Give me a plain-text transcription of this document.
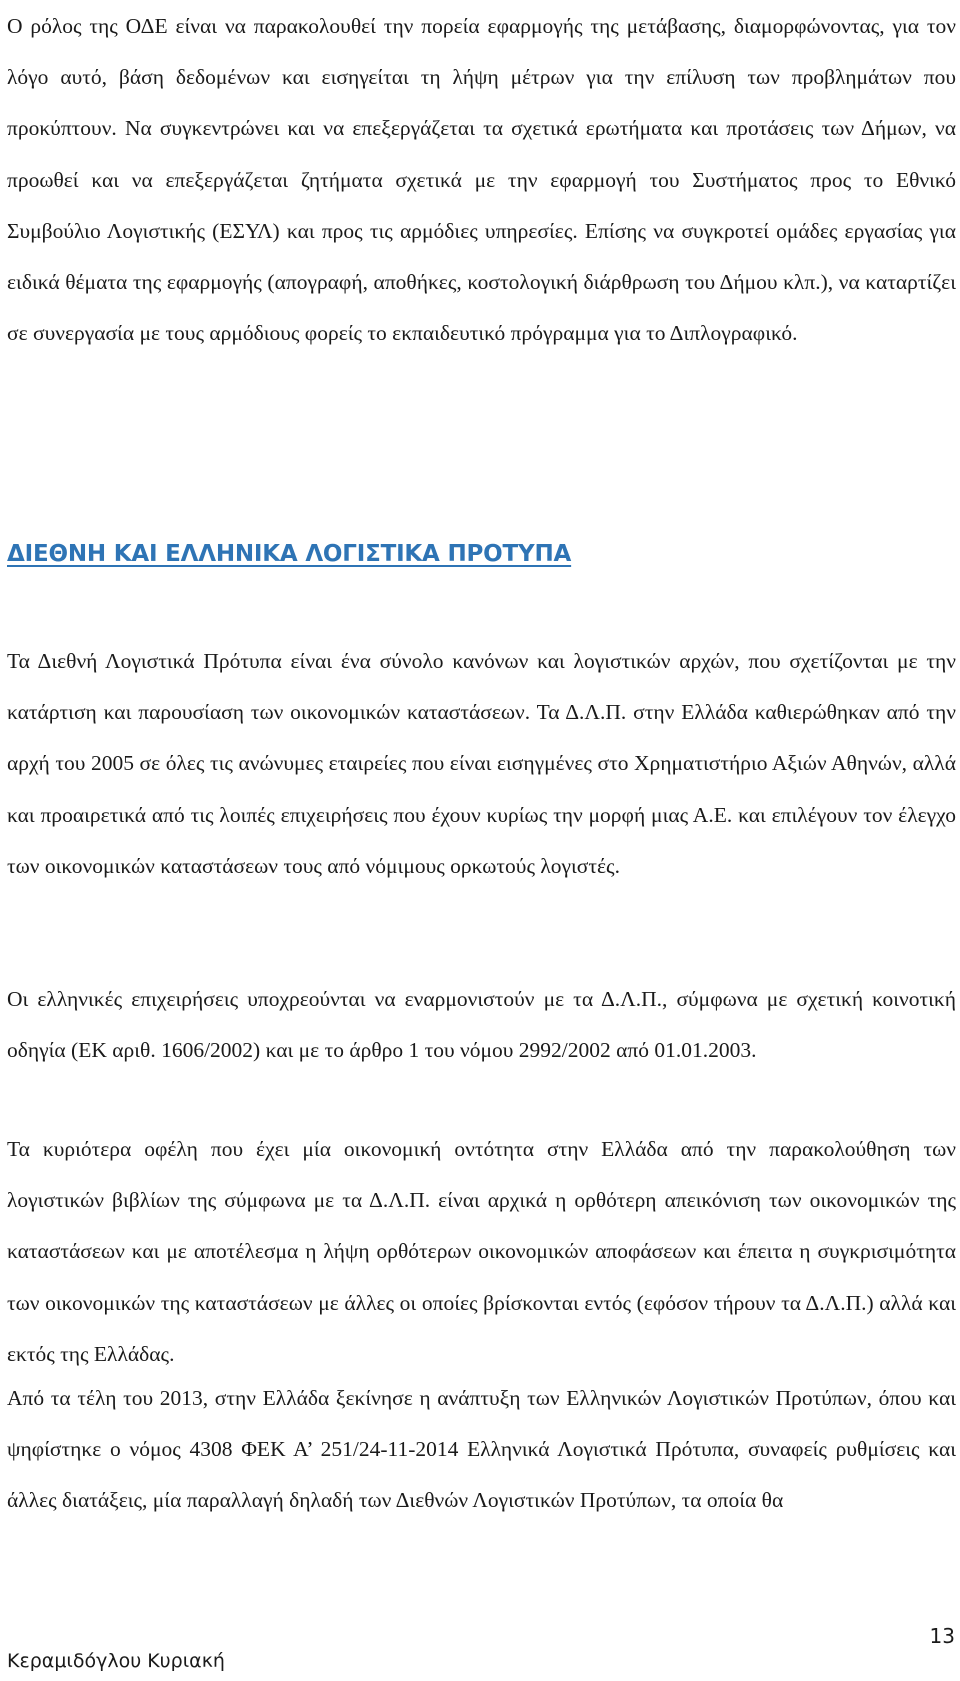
Ο ρόλος της ΟΔΕ είναι να παρακολουθεί την πορεία εφαρμογής της μετάβασης, διαμορφώνοντας, για τον λόγο αυτό, βάση δεδομένων και εισηγείται τη λήψη μέτρων για την επίλυση των προβλημάτων που προκύπτουν. Να συγκεντρώνει και να επεξεργάζεται τα σχετικά ερωτήματα και προτάσεις των Δήμων, να προωθεί και να επεξεργάζεται ζητήματα σχετικά με την εφαρμογή του Συστήματος προς το Εθνικό Συμβούλιο Λογιστικής (ΕΣΥΛ) και προς τις αρμόδιες υπηρεσίες. Επίσης να συγκροτεί ομάδες εργασίας για ειδικά θέματα της εφαρμογής (απογραφή, αποθήκες, κοστολογική διάρθρωση του Δήμου κλπ.), να καταρτίζει σε συνεργασία με τους αρμόδιους φορείς το εκπαιδευτικό πρόγραμμα για το Διπλογραφικό.

ΔΙΕΘΝΗ ΚΑΙ ΕΛΛΗΝΙΚΑ ΛΟΓΙΣΤΙΚΑ ΠΡΟΤΥΠΑ

Τα Διεθνή Λογιστικά Πρότυπα είναι ένα σύνολο κανόνων και λογιστικών αρχών, που σχετίζονται με την κατάρτιση και παρουσίαση των οικονομικών καταστάσεων. Τα Δ.Λ.Π. στην Ελλάδα καθιερώθηκαν από την αρχή του 2005 σε όλες τις ανώνυμες εταιρείες που είναι εισηγμένες στο Χρηματιστήριο Αξιών Αθηνών, αλλά και προαιρετικά από τις λοιπές επιχειρήσεις που έχουν κυρίως την μορφή μιας Α.Ε. και επιλέγουν τον έλεγχο των οικονομικών καταστάσεων τους από νόμιμους ορκωτούς λογιστές.

Οι ελληνικές επιχειρήσεις υποχρεούνται να εναρμονιστούν με τα Δ.Λ.Π., σύμφωνα με σχετική κοινοτική οδηγία (ΕΚ αριθ. 1606/2002) και με το άρθρο 1 του νόμου 2992/2002 από 01.01.2003.

Τα κυριότερα οφέλη που έχει μία οικονομική οντότητα στην Ελλάδα από την παρακολούθηση των λογιστικών βιβλίων της σύμφωνα με τα Δ.Λ.Π. είναι αρχικά η ορθότερη απεικόνιση των οικονομικών της καταστάσεων και με αποτέλεσμα η λήψη ορθότερων οικονομικών αποφάσεων και έπειτα η συγκρισιμότητα των οικονομικών της καταστάσεων με άλλες οι οποίες βρίσκονται εντός (εφόσον τήρουν τα Δ.Λ.Π.) αλλά και εκτός της Ελλάδας.

Από τα τέλη του 2013, στην Ελλάδα ξεκίνησε η ανάπτυξη των Ελληνικών Λογιστικών Προτύπων, όπου και ψηφίστηκε ο νόμος 4308 ΦΕΚ Α’ 251/24-11-2014 Ελληνικά Λογιστικά Πρότυπα, συναφείς ρυθμίσεις και άλλες διατάξεις, μία παραλλαγή δηλαδή των Διεθνών Λογιστικών Προτύπων, τα οποία θα

13
Κεραμιδόγλου Κυριακή
